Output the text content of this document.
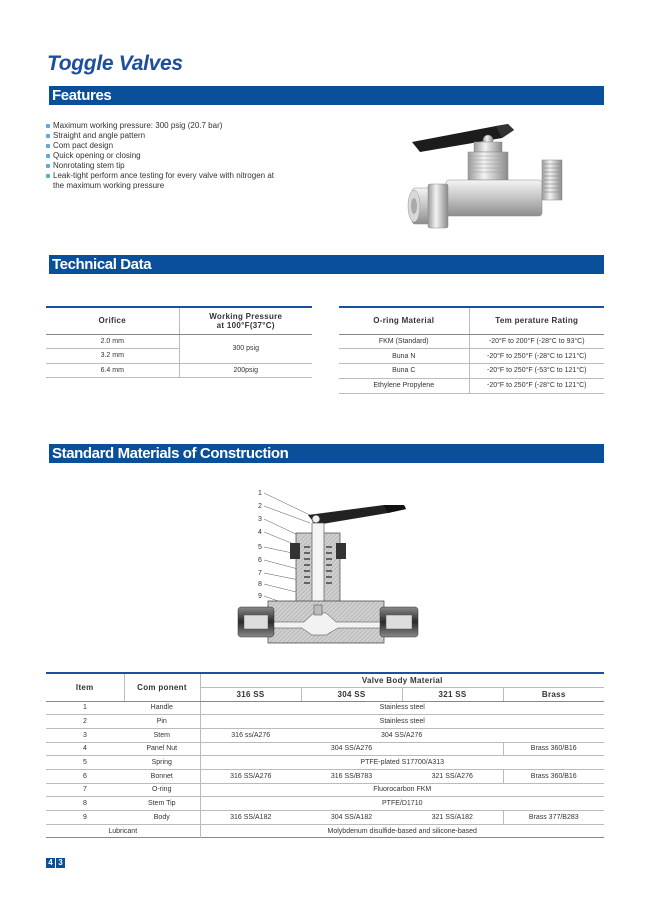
Toggle Valves
Features
Maximum working pressure: 300 psig (20.7 bar)
Straight and angle pattern
Com pact design
Quick opening or closing
Nonrotating stem tip
Leak-tight perform ance testing for every valve with nitrogen at the maximum working pressure
Technical Data
Orifice	Working Pressure
at 100°F(37°C)

2.0 mm	300 psig
3.2 mm	
6.4 mm	200psig
O-ring Material	Tem perature Rating
FKM (Standard)	-20°F to 200°F (-28°C to 93°C)
Buna N	-20°F to 250°F (-28°C to 121°C)
Buna C	-20°F to 250°F (-53°C to 121°C)
Ethylene Propylene	-20°F to 250°F (-28°C to 121°C)
Standard Materials of Construction
1
2
3
4
5
6
7
8
9
Item	Com ponent	Valve Body Material			
		316 SS	304 SS	321 SS	Brass
1	Handle	Stainless steel			
2	Pin	Stainless steel			
3	Stem	316 ss/A276	304 SS/A276		
4	Panel Nut	304 SS/A276			Brass 360/B16
5	Spring	PTFE-plated S17700/A313			
6	Bonnet	316 SS/A276	316 SS/B783	321 SS/A276	Brass 360/B16
7	O-ring	Fluorocarbon FKM			
8	Stem Tip	PTFE/D1710			
9	Body	316 SS/A182	304 SS/A182	321 SS/A182	Brass 377/B283
Lubricant		Molybdenum disulfide-based and silicone-based			
4 3
